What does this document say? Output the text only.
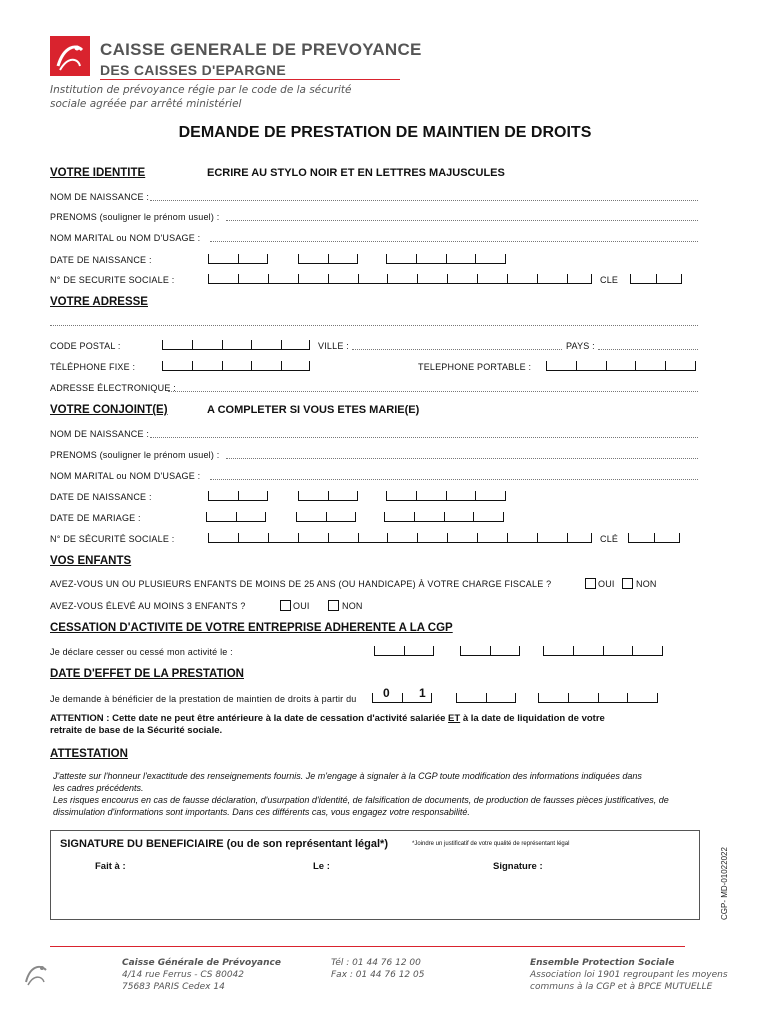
CAISSE GENERALE DE PREVOYANCE
DES CAISSES D'EPARGNE
Institution de prévoyance régie par le code de la sécurité
sociale agréée par arrêté ministériel
DEMANDE DE PRESTATION DE MAINTIEN DE DROITS
VOTRE IDENTITE	ECRIRE AU STYLO NOIR ET EN LETTRES MAJUSCULES
NOM DE NAISSANCE :
PRENOMS (souligner le prénom usuel) :
NOM MARITAL ou NOM D'USAGE :
DATE DE NAISSANCE :
N° DE SECURITE SOCIALE :	CLE
VOTRE ADRESSE
CODE POSTAL :	VILLE :	PAYS :
TÉLÉPHONE FIXE :	TELEPHONE PORTABLE :
ADRESSE ÉLECTRONIQUE :
VOTRE CONJOINT(E)	A COMPLETER SI VOUS ETES MARIE(E)
NOM DE NAISSANCE :
PRENOMS (souligner le prénom usuel) :
NOM MARITAL ou NOM D'USAGE :
DATE DE NAISSANCE :
DATE DE MARIAGE :
N° DE SÉCURITÉ SOCIALE :	CLÉ
VOS ENFANTS
AVEZ-VOUS UN OU PLUSIEURS ENFANTS DE MOINS DE 25 ANS (OU HANDICAPE) À VOTRE CHARGE FISCALE ?	OUI NON
AVEZ-VOUS ÉLEVÉ AU MOINS 3 ENFANTS ?	OUI	NON
CESSATION D'ACTIVITE DE VOTRE ENTREPRISE ADHERENTE A LA CGP
Je déclare cesser ou cessé mon activité le :
DATE D'EFFET DE LA PRESTATION
Je demande à bénéficier de la prestation de maintien de droits à partir du 0 1
ATTENTION : Cette date ne peut être antérieure à la date de cessation d'activité salariée ET à la date de liquidation de votre
retraite de base de la Sécurité sociale.
ATTESTATION
J'atteste sur l'honneur l'exactitude des renseignements fournis. Je m'engage à signaler à la CGP toute modification des informations indiquées dans
les cadres précédents.
Les risques encourus en cas de fausse déclaration, d'usurpation d'identité, de falsification de documents, de production de fausses pièces justificatives, de
dissimulation d'informations sont importants. Dans ces différents cas, vous engagez votre responsabilité.
SIGNATURE DU BENEFICIAIRE (ou de son représentant légal*)	*Joindre un justificatif de votre qualité de représentant légal
Fait à :	Le :	Signature :	CGP- MD-01022022
Caisse Générale de Prévoyance
4/14 rue Ferrus - CS 80042
75683 PARIS Cedex 14
Tél : 01 44 76 12 00
Fax : 01 44 76 12 05
Ensemble Protection Sociale
Association loi 1901 regroupant les moyens
communs à la CGP et à BPCE MUTUELLE
